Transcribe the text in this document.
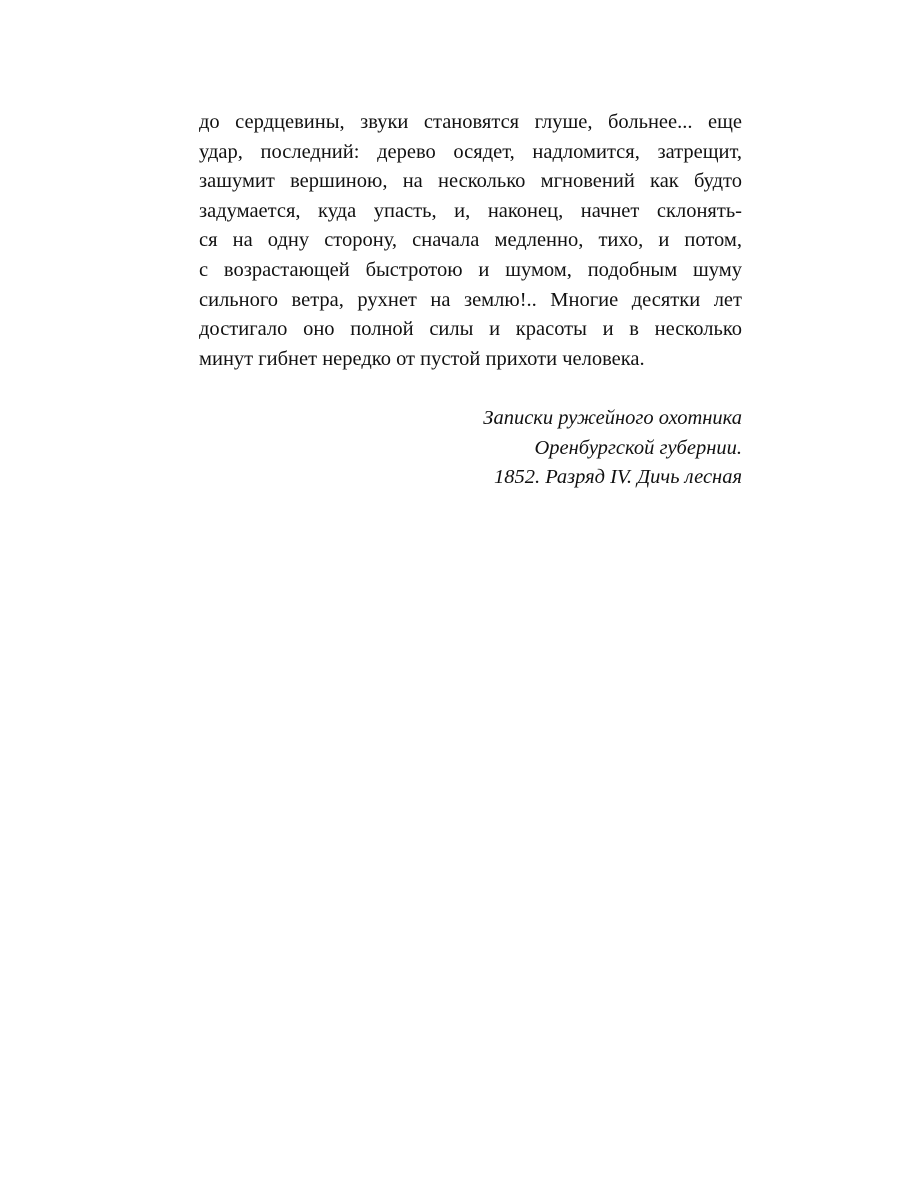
до сердцевины, звуки становятся глуше, больнее... еще
удар, последний: дерево осядет, надломится, затрещит,
зашумит вершиною, на несколько мгновений как будто
задумается, куда упасть, и, наконец, начнет склонять-
ся на одну сторону, сначала медленно, тихо, и потом,
с возрастающей быстротою и шумом, подобным шуму
сильного ветра, рухнет на землю!.. Многие десятки лет
достигало оно полной силы и красоты и в несколько
минут гибнет нередко от пустой прихоти человека.
Записки ружейного охотника
Оренбургской губернии.
1852. Разряд IV. Дичь лесная
